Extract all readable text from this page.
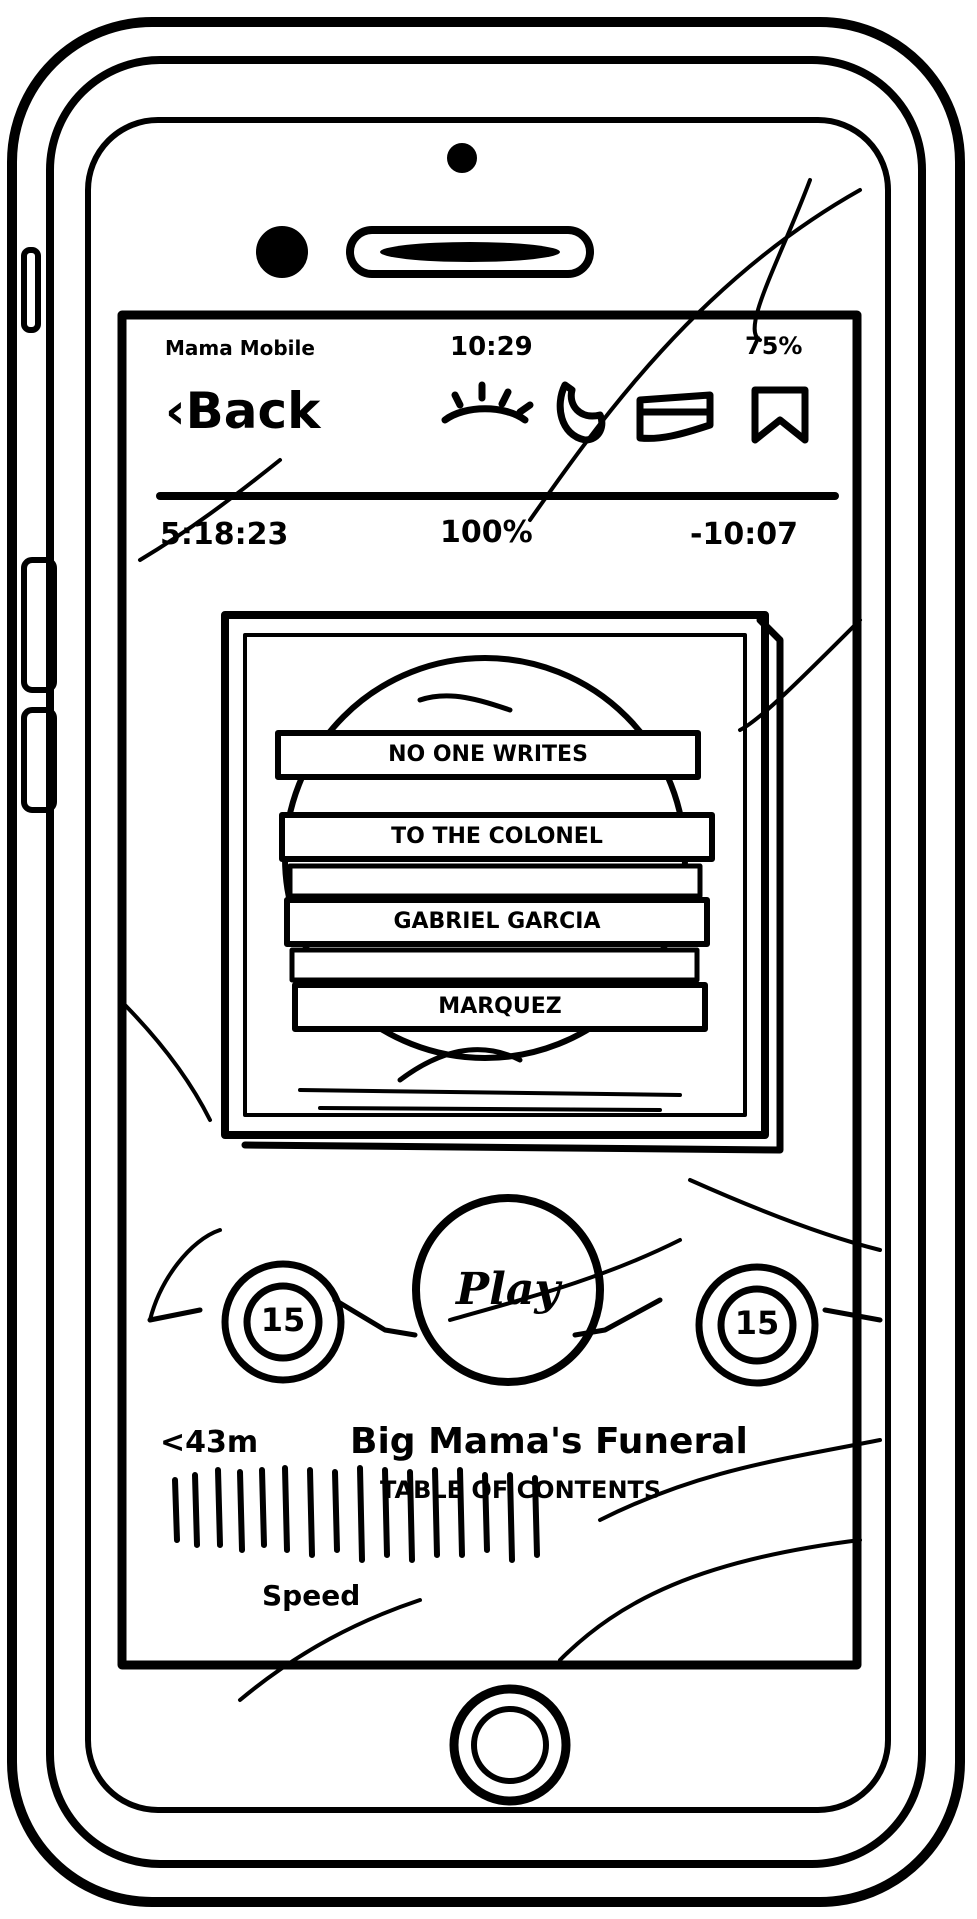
Mama Mobile	10:29	75%
‹Back
5:18:23	100%	-10:07
NO ONE WRITES
TO THE COLONEL
GABRIEL GARCIA
MARQUEZ
15
Play
15
<43m	Big Mama's Funeral
TABLE OF CONTENTS
Speed
